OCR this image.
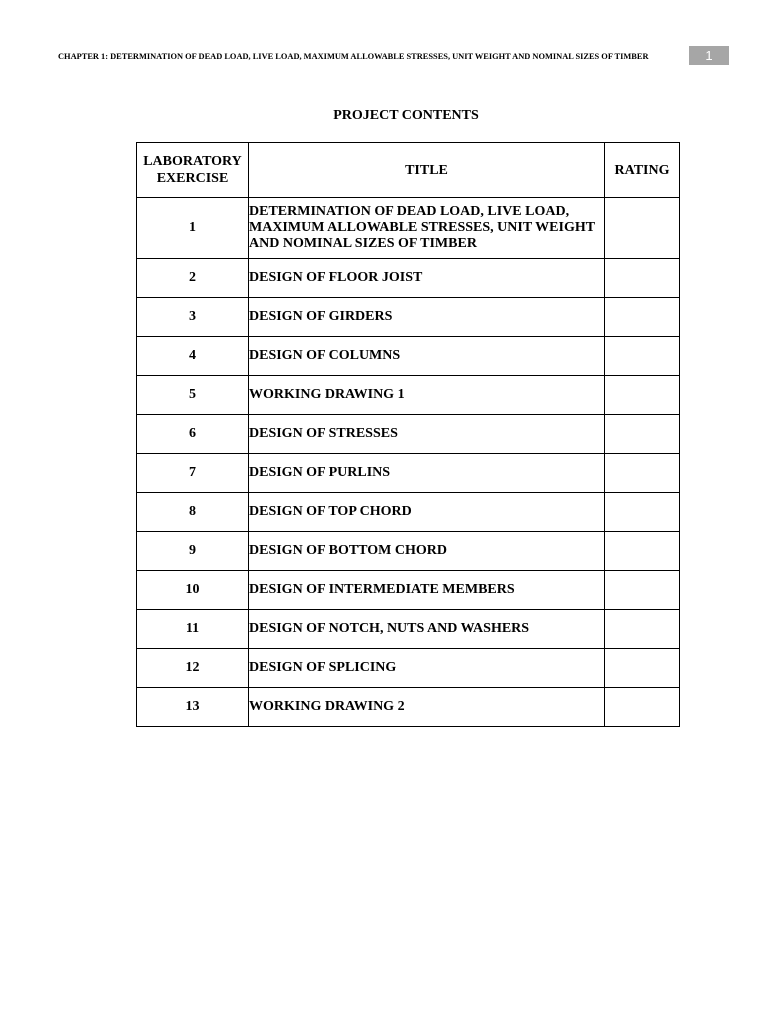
CHAPTER 1: DETERMINATION OF DEAD LOAD, LIVE LOAD, MAXIMUM ALLOWABLE STRESSES, UNIT WEIGHT AND NOMINAL SIZES OF TIMBER	1
PROJECT CONTENTS
LABORATORY
EXERCISE	TITLE	RATING
1	DETERMINATION OF DEAD LOAD, LIVE LOAD, MAXIMUM ALLOWABLE STRESSES, UNIT WEIGHT AND NOMINAL SIZES OF TIMBER	
2	DESIGN OF FLOOR JOIST	
3	DESIGN OF GIRDERS	
4	DESIGN OF COLUMNS	
5	WORKING DRAWING 1	
6	DESIGN OF STRESSES	
7	DESIGN OF PURLINS	
8	DESIGN OF TOP CHORD	
9	DESIGN OF BOTTOM CHORD	
10	DESIGN OF INTERMEDIATE MEMBERS	
11	DESIGN OF NOTCH, NUTS AND WASHERS	
12	DESIGN OF SPLICING	
13	WORKING DRAWING 2	
